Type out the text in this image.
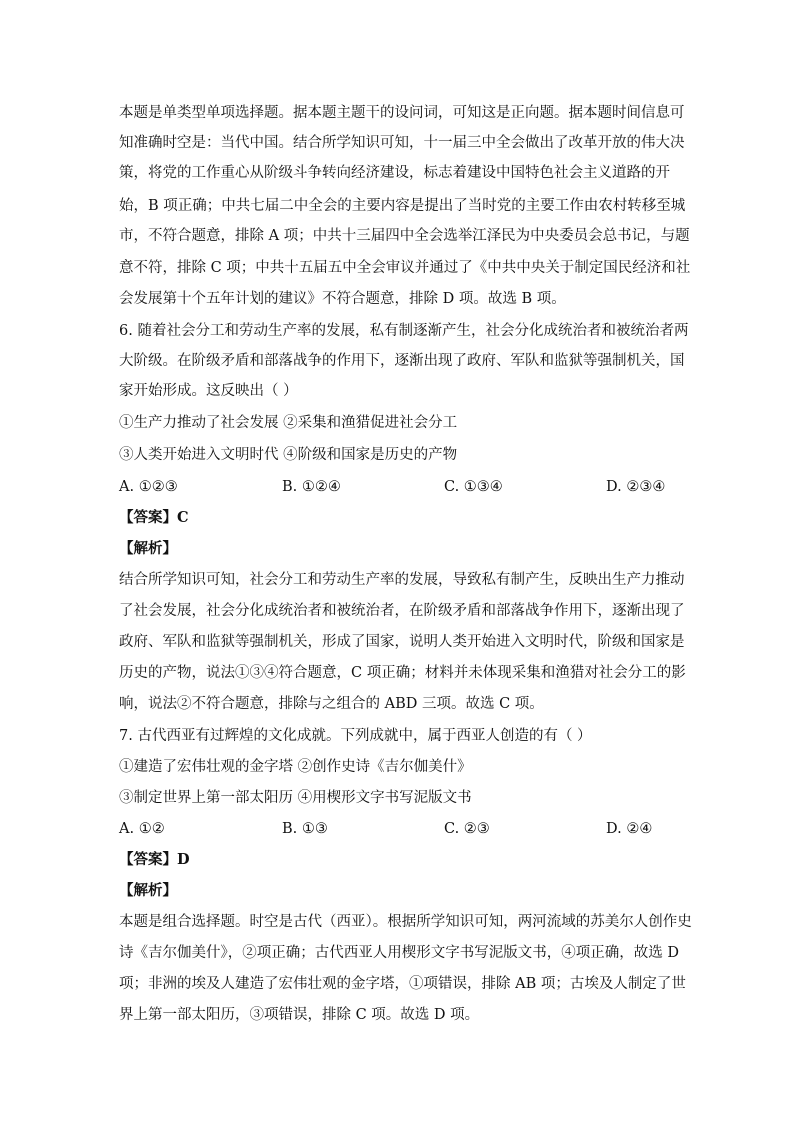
本题是单类型单项选择题。据本题主题干的设问词，可知这是正向题。据本题时间信息可
知准确时空是：当代中国。结合所学知识可知，十一届三中全会做出了改革开放的伟大决
策，将党的工作重心从阶级斗争转向经济建设，标志着建设中国特色社会主义道路的开
始，B 项正确；中共七届二中全会的主要内容是提出了当时党的主要工作由农村转移至城
市，不符合题意，排除 A 项；中共十三届四中全会选举江泽民为中央委员会总书记，与题
意不符，排除 C 项；中共十五届五中全会审议并通过了《中共中央关于制定国民经济和社
会发展第十个五年计划的建议》不符合题意，排除 D 项。故选 B 项。
6. 随着社会分工和劳动生产率的发展，私有制逐渐产生，社会分化成统治者和被统治者两
大阶级。在阶级矛盾和部落战争的作用下，逐渐出现了政府、军队和监狱等强制机关，国
家开始形成。这反映出（ ）
①生产力推动了社会发展 ②采集和渔猎促进社会分工
③人类开始进入文明时代 ④阶级和国家是历史的产物
A. ①②③	B. ①②④	C. ①③④	D. ②③④
【答案】C
【解析】
结合所学知识可知，社会分工和劳动生产率的发展，导致私有制产生，反映出生产力推动
了社会发展，社会分化成统治者和被统治者，在阶级矛盾和部落战争作用下，逐渐出现了
政府、军队和监狱等强制机关，形成了国家，说明人类开始进入文明时代，阶级和国家是
历史的产物，说法①③④符合题意，C 项正确；材料并未体现采集和渔猎对社会分工的影
响，说法②不符合题意，排除与之组合的 ABD 三项。故选 C 项。
7. 古代西亚有过辉煌的文化成就。下列成就中，属于西亚人创造的有（ ）
①建造了宏伟壮观的金字塔 ②创作史诗《吉尔伽美什》
③制定世界上第一部太阳历 ④用楔形文字书写泥版文书
A. ①②	B. ①③	C. ②③	D. ②④
【答案】D
【解析】
本题是组合选择题。时空是古代（西亚）。根据所学知识可知，两河流域的苏美尔人创作史
诗《吉尔伽美什》，②项正确；古代西亚人用楔形文字书写泥版文书，④项正确，故选 D
项；非洲的埃及人建造了宏伟壮观的金字塔，①项错误，排除 AB 项；古埃及人制定了世
界上第一部太阳历，③项错误，排除 C 项。故选 D 项。
